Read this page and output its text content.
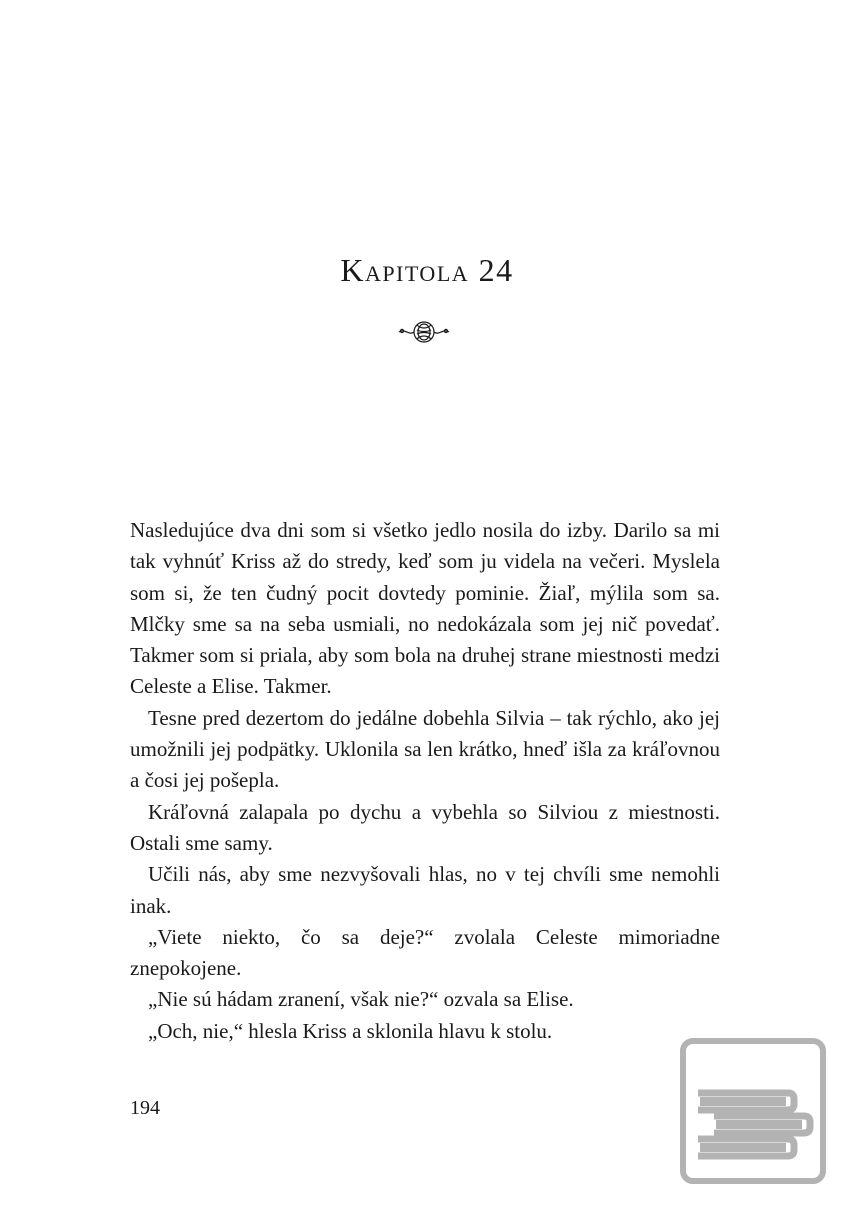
Kapitola 24

Nasledujúce dva dni som si všetko jedlo nosila do izby. Darilo sa mi tak vyhnúť Kriss až do stredy, keď som ju videla na večeri. Myslela som si, že ten čudný pocit dovtedy pominie. Žiaľ, mýlila som sa. Mlčky sme sa na seba usmiali, no nedokázala som jej nič povedať. Takmer som si priala, aby som bola na druhej strane miestnosti medzi Celeste a Elise. Takmer.

Tesne pred dezertom do jedálne dobehla Silvia – tak rýchlo, ako jej umožnili jej podpätky. Uklonila sa len krátko, hneď išla za kráľovnou a čosi jej pošepla.

Kráľovná zalapala po dychu a vybehla so Silviou z miestnosti. Ostali sme samy.

Učili nás, aby sme nezvyšovali hlas, no v tej chvíli sme nemohli inak.

„Viete niekto, čo sa deje?“ zvolala Celeste mimoriadne znepokojene.

„Nie sú hádam zranení, však nie?“ ozvala sa Elise.

„Och, nie,“ hlesla Kriss a sklonila hlavu k stolu.

194
